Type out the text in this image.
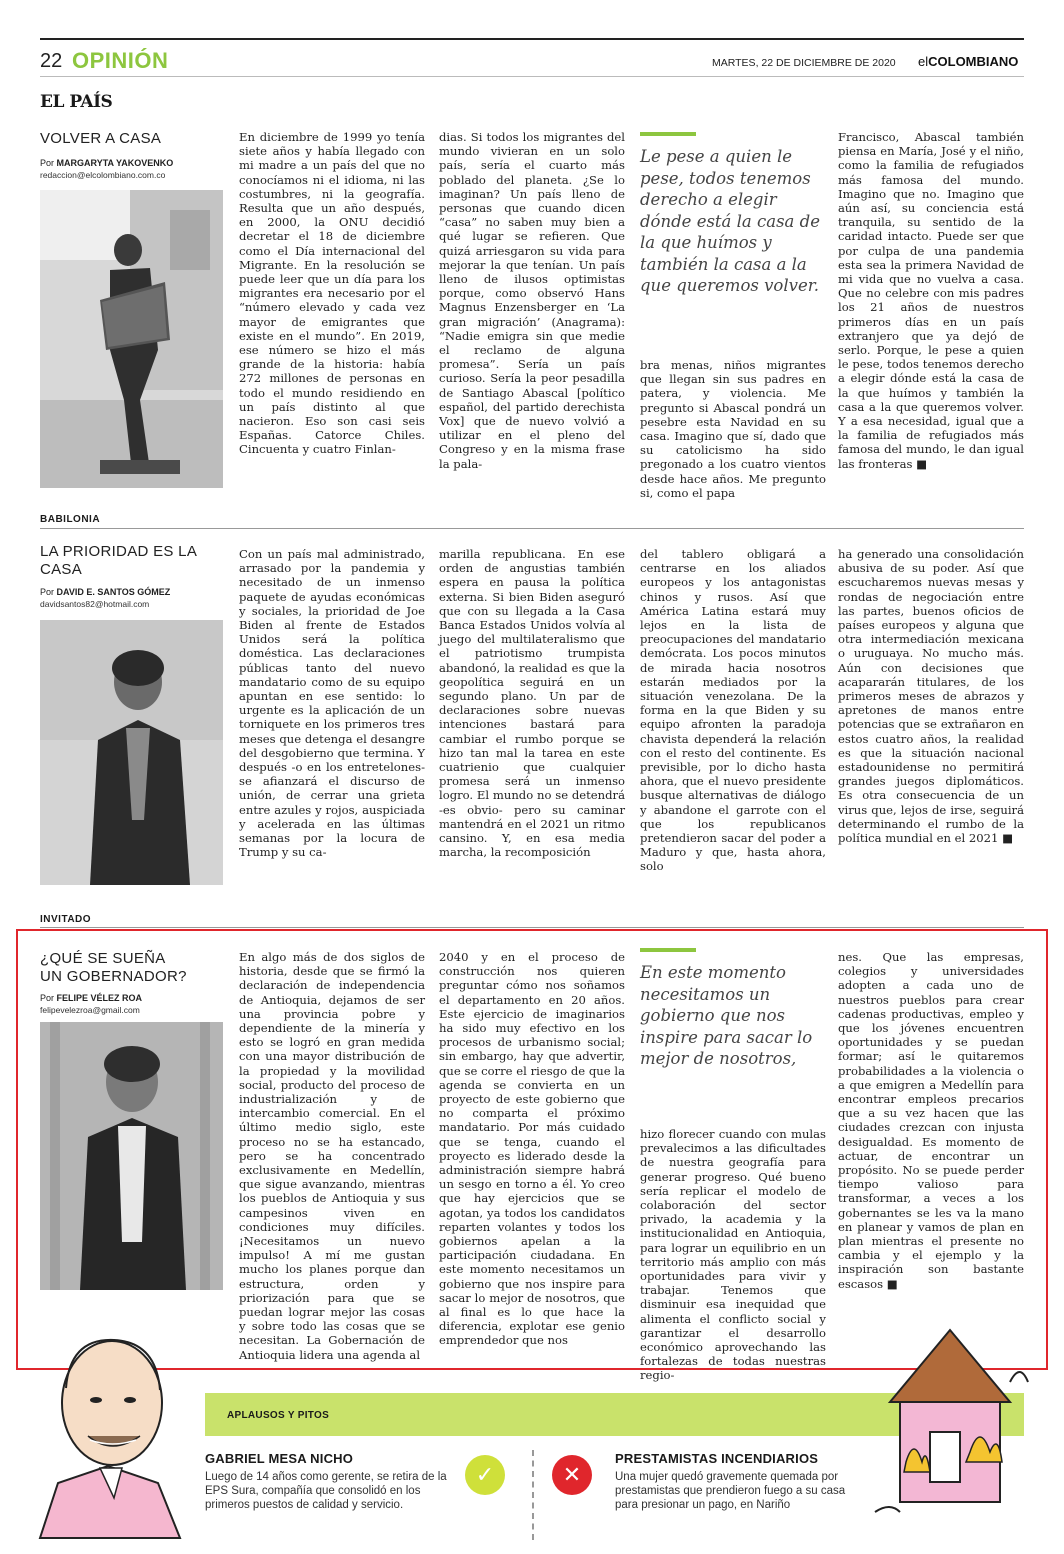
22 OPINIÓN	MARTES, 22 DE DICIEMBRE DE 2020 elCOLOMBIANO
EL PAÍS
VOLVER A CASA
Por MARGARYTA YAKOVENKO
redaccion@elcolombiano.com.co
En diciembre de 1999 yo tenía siete años y había llegado con mi madre a un país del que no conocíamos ni el idioma, ni las costumbres, ni la geografía. Resulta que un año después, en 2000, la ONU decidió decretar el 18 de diciembre como el Día internacional del Migrante. En la resolución se puede leer que un día para los migrantes era necesario por el “número elevado y cada vez mayor de emigrantes que existe en el mundo”. En 2019, ese número se hizo el más grande de la historia: había 272 millones de personas en todo el mundo residiendo en un país distinto al que nacieron. Eso son casi seis Españas. Catorce Chiles. Cincuenta y cuatro Finlan-
dias. Si todos los migrantes del mundo vivieran en un solo país, sería el cuarto más poblado del planeta. ¿Se lo imaginan? Un país lleno de personas que cuando dicen “casa” no saben muy bien a qué lugar se refieren. Que quizá arriesgaron su vida para mejorar la que tenían. Un país lleno de ilusos optimistas porque, como observó Hans Magnus Enzensberger en ‘La gran migración’ (Anagrama): “Nadie emigra sin que medie el reclamo de alguna promesa”. Sería un país curioso. Sería la peor pesadilla de Santiago Abascal [político español, del partido derechista Vox] que de nuevo volvió a utilizar en el pleno del Congreso y en la misma frase la pala-
Le pese a quien le pese, todos tenemos derecho a elegir dónde está la casa de la que huímos y también la casa a la que queremos volver.
bra menas, niños migrantes que llegan sin sus padres en patera, y violencia. Me pregunto si Abascal pondrá un pesebre esta Navidad en su casa. Imagino que sí, dado que su catolicismo ha sido pregonado a los cuatro vientos desde hace años. Me pregunto si, como el papa
Francisco, Abascal también piensa en María, José y el niño, como la familia de refugiados más famosa del mundo. Imagino que no. Imagino que aún así, su conciencia está tranquila, su sentido de la caridad intacto. Puede ser que por culpa de una pandemia esta sea la primera Navidad de mi vida que no vuelva a casa. Que no celebre con mis padres los 21 años de nuestros primeros días en un país extranjero que ya dejó de serlo. Porque, le pese a quien le pese, todos tenemos derecho a elegir dónde está la casa de la que huímos y también la casa a la que queremos volver. Y a esa necesidad, igual que a la familia de refugiados más famosa del mundo, le dan igual las fronteras ■
BABILONIA
LA PRIORIDAD ES LA CASA
Por DAVID E. SANTOS GÓMEZ
davidsantos82@hotmail.com
Con un país mal administrado, arrasado por la pandemia y necesitado de un inmenso paquete de ayudas económicas y sociales, la prioridad de Joe Biden al frente de Estados Unidos será la política doméstica. Las declaraciones públicas tanto del nuevo mandatario como de su equipo apuntan en ese sentido: lo urgente es la aplicación de un torniquete en los primeros tres meses que detenga el desangre del desgobierno que termina. Y después -o en los entretelones- se afianzará el discurso de unión, de cerrar una grieta entre azules y rojos, auspiciada y acelerada en las últimas semanas por la locura de Trump y su ca-
marilla republicana. En ese orden de angustias también espera en pausa la política externa. Si bien Biden aseguró que con su llegada a la Casa Banca Estados Unidos volvía al juego del multilateralismo que el patriotismo trumpista abandonó, la realidad es que la geopolítica seguirá en un segundo plano. Un par de declaraciones sobre nuevas intenciones bastará para cambiar el rumbo porque se hizo tan mal la tarea en este cuatrienio que cualquier promesa será un inmenso logro. El mundo no se detendrá -es obvio- pero su caminar mantendrá en el 2021 un ritmo cansino. Y, en esa media marcha, la recomposición
del tablero obligará a centrarse en los aliados europeos y los antagonistas chinos y rusos. Así que América Latina estará muy lejos en la lista de preocupaciones del mandatario demócrata. Los pocos minutos de mirada hacia nosotros estarán mediados por la situación venezolana. De la forma en la que Biden y su equipo afronten la paradoja chavista dependerá la relación con el resto del continente. Es previsible, por lo dicho hasta ahora, que el nuevo presidente busque alternativas de diálogo y abandone el garrote con el que los republicanos pretendieron sacar del poder a Maduro y que, hasta ahora, solo
ha generado una consolidación abusiva de su poder. Así que escucharemos nuevas mesas y rondas de negociación entre las partes, buenos oficios de países europeos y alguna que otra intermediación mexicana o uruguaya. No mucho más. Aún con decisiones que acapararán titulares, de los primeros meses de abrazos y apretones de manos entre potencias que se extrañaron en estos cuatro años, la realidad es que la situación nacional estadounidense no permitirá grandes juegos diplomáticos. Es otra consecuencia de un virus que, lejos de irse, seguirá determinando el rumbo de la política mundial en el 2021 ■
INVITADO
¿QUÉ SE SUEÑA UN GOBERNADOR?
Por FELIPE VÉLEZ ROA
felipevelezroa@gmail.com
En algo más de dos siglos de historia, desde que se firmó la declaración de independencia de Antioquia, dejamos de ser una provincia pobre y dependiente de la minería y esto se logró en gran medida con una mayor distribución de la propiedad y la movilidad social, producto del proceso de industrialización y de intercambio comercial. En el último medio siglo, este proceso no se ha estancado, pero se ha concentrado exclusivamente en Medellín, que sigue avanzando, mientras los pueblos de Antioquia y sus campesinos viven en condiciones muy difíciles. ¡Necesitamos un nuevo impulso! A mí me gustan mucho los planes porque dan estructura, orden y priorización para que se puedan lograr mejor las cosas y sobre todo las cosas que se necesitan. La Gobernación de Antioquia lidera una agenda al
2040 y en el proceso de construcción nos quieren preguntar cómo nos soñamos el departamento en 20 años. Este ejercicio de imaginarios ha sido muy efectivo en los procesos de urbanismo social; sin embargo, hay que advertir, que se corre el riesgo de que la agenda se convierta en un proyecto de este gobierno que no comparta el próximo mandatario. Por más cuidado que se tenga, cuando el proyecto es liderado desde la administración siempre habrá un sesgo en torno a él. Yo creo que hay ejercicios que se agotan, ya todos los candidatos reparten volantes y todos los gobiernos apelan a la participación ciudadana. En este momento necesitamos un gobierno que nos inspire para sacar lo mejor de nosotros, que al final es lo que hace la diferencia, explotar ese genio emprendedor que nos
En este momento necesitamos un gobierno que nos inspire para sacar lo mejor de nosotros,
hizo florecer cuando con mulas prevalecimos a las dificultades de nuestra geografía para generar progreso. Qué bueno sería replicar el modelo de colaboración del sector privado, la academia y la institucionalidad en Antioquia, para lograr un equilibrio en un territorio más amplio con más oportunidades para vivir y trabajar. Tenemos que disminuir esa inequidad que alimenta el conflicto social y garantizar el desarrollo económico aprovechando las fortalezas de todas nuestras regio-
nes. Que las empresas, colegios y universidades adopten a cada uno de nuestros pueblos para crear cadenas productivas, empleo y que los jóvenes encuentren oportunidades y se puedan formar; así le quitaremos probabilidades a la violencia o a que emigren a Medellín para encontrar empleos precarios que a su vez hacen que las ciudades crezcan con injusta desigualdad. Es momento de actuar, de encontrar un propósito. No se puede perder tiempo valioso para transformar, a veces a los gobernantes se les va la mano en planear y vamos de plan en plan mientras el presente no cambia y el ejemplo y la inspiración son bastante escasos ■
APLAUSOS Y PITOS
GABRIEL MESA NICHO
Luego de 14 años como gerente, se retira de la EPS Sura, compañía que consolidó en los primeros puestos de calidad y servicio.
✓	✕
PRESTAMISTAS INCENDIARIOS
Una mujer quedó gravemente quemada por prestamistas que prendieron fuego a su casa para presionar un pago, en Nariño
